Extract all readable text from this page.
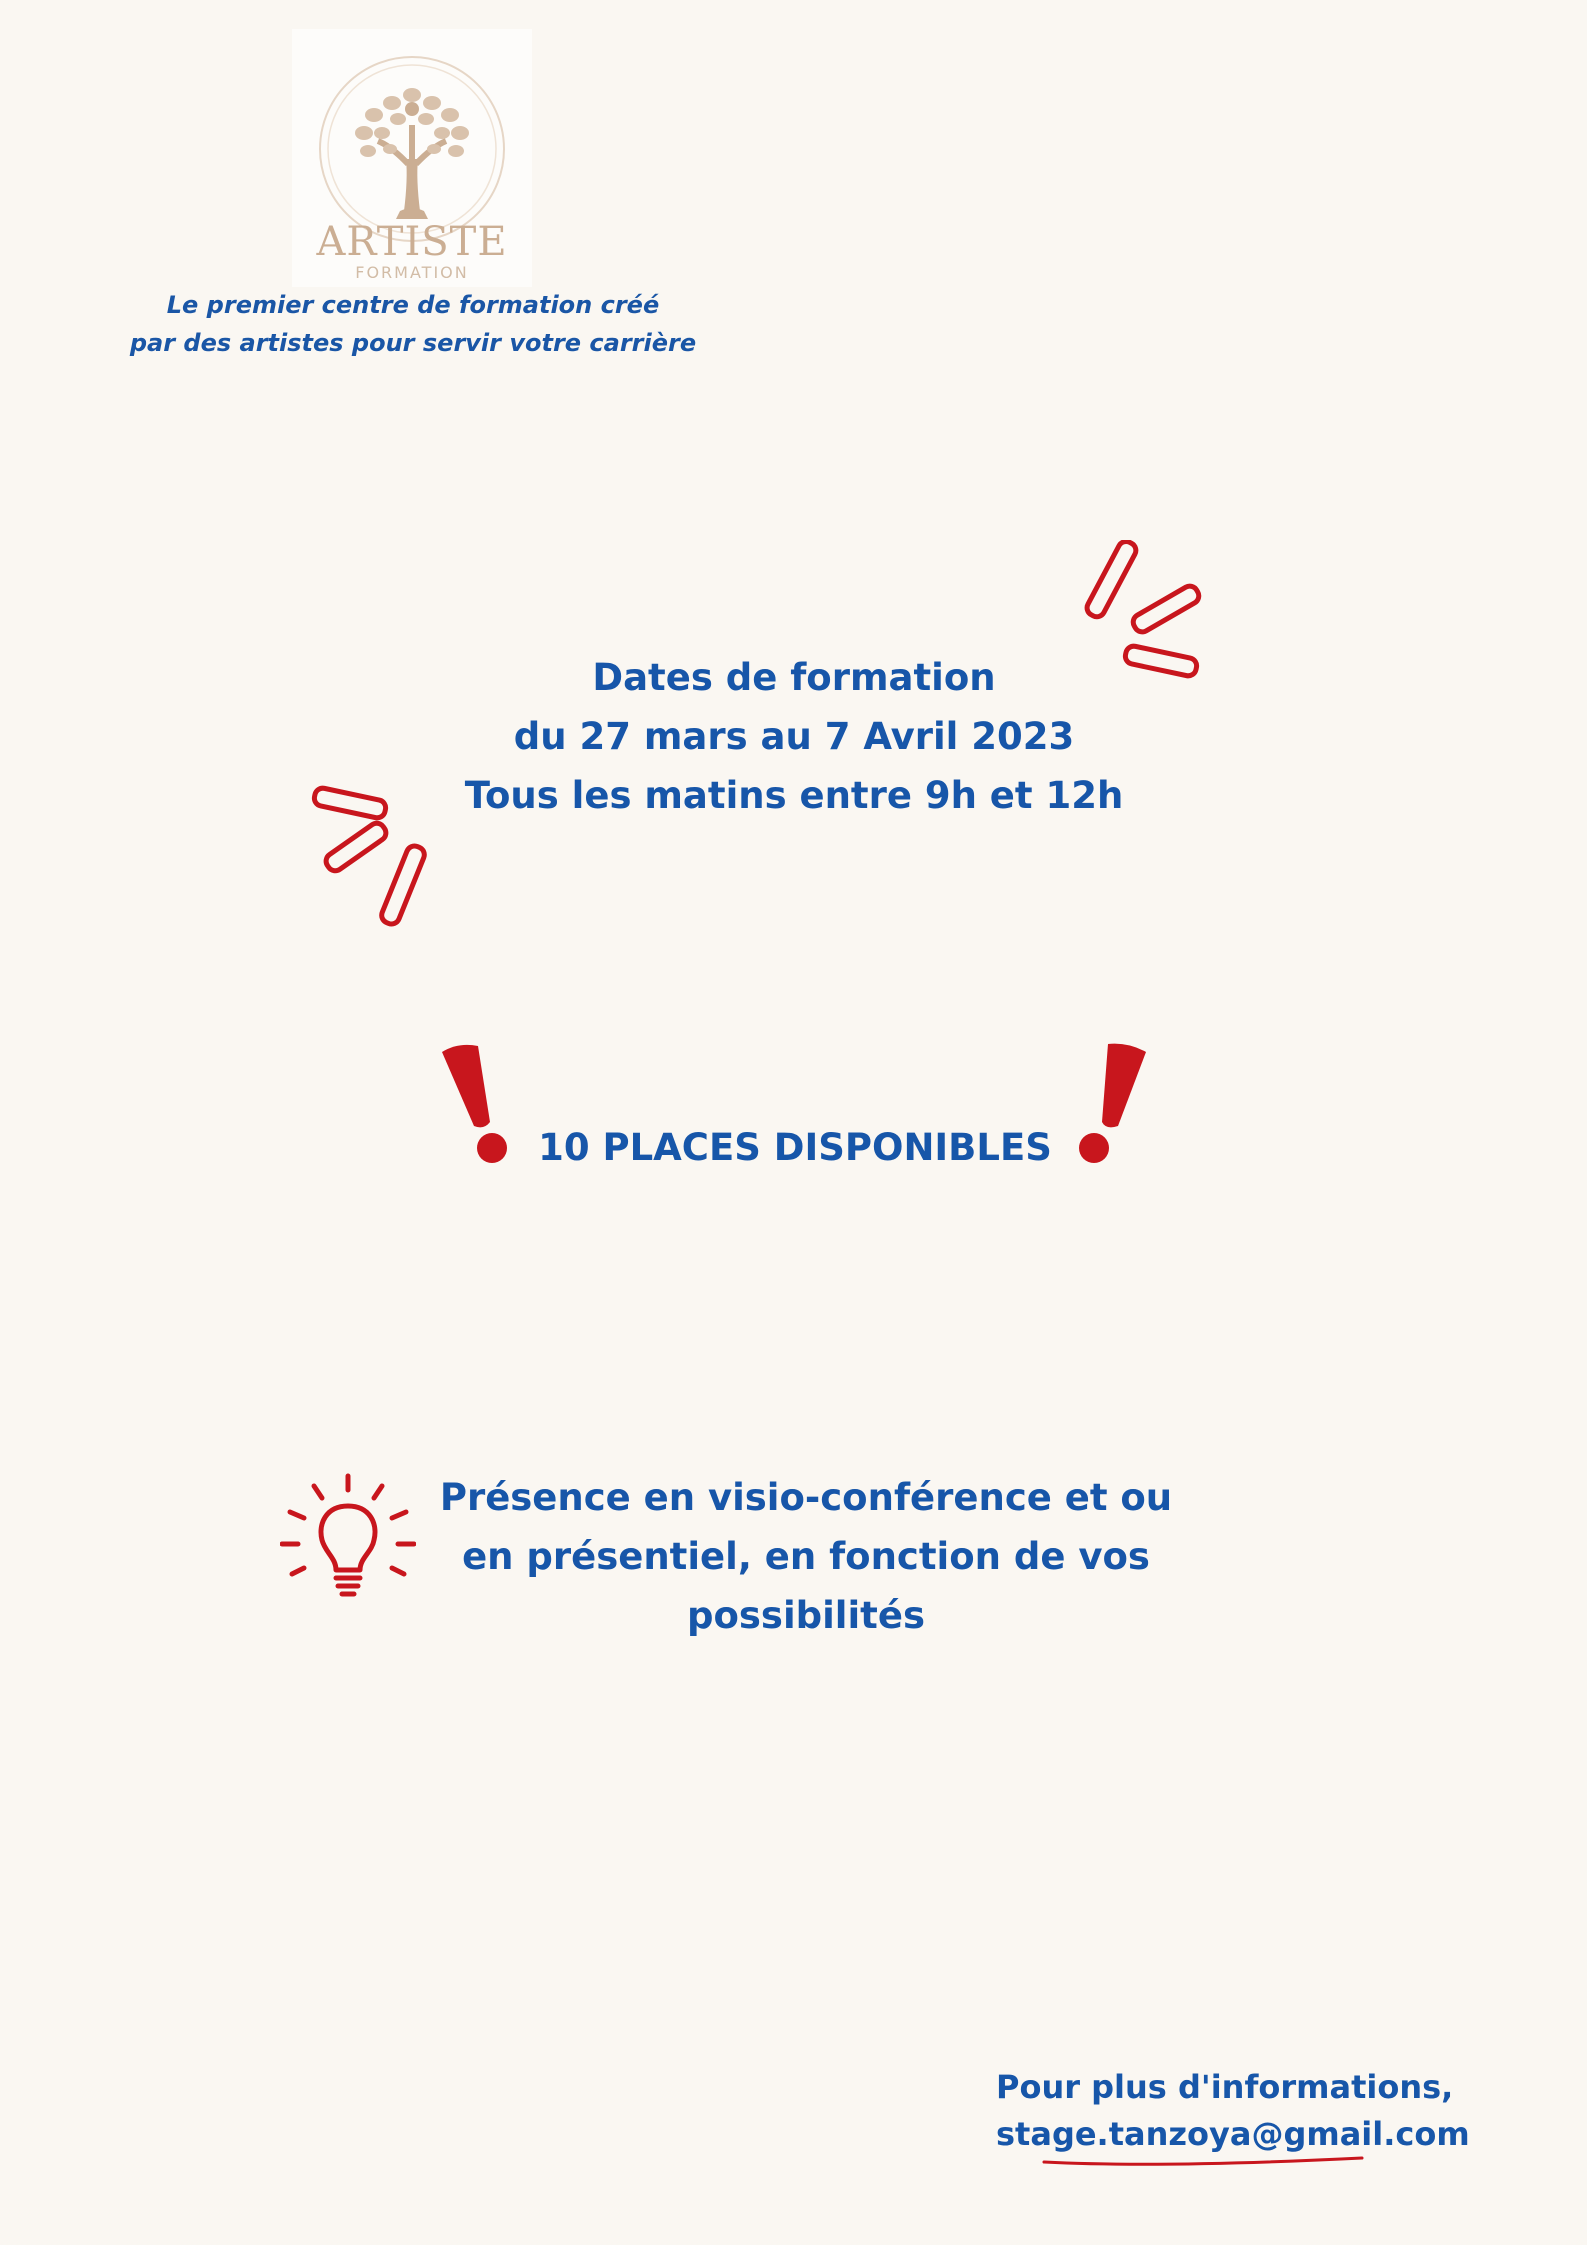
ARTISTE
FORMATION
Le premier centre de formation créé
par des artistes pour servir votre carrière
Dates de formation
du 27 mars au 7 Avril 2023
Tous les matins entre 9h et 12h
10 PLACES DISPONIBLES
Présence en visio-conférence et ou
en présentiel, en fonction de vos
possibilités
Pour plus d'informations,
stage.tanzoya@gmail.com
